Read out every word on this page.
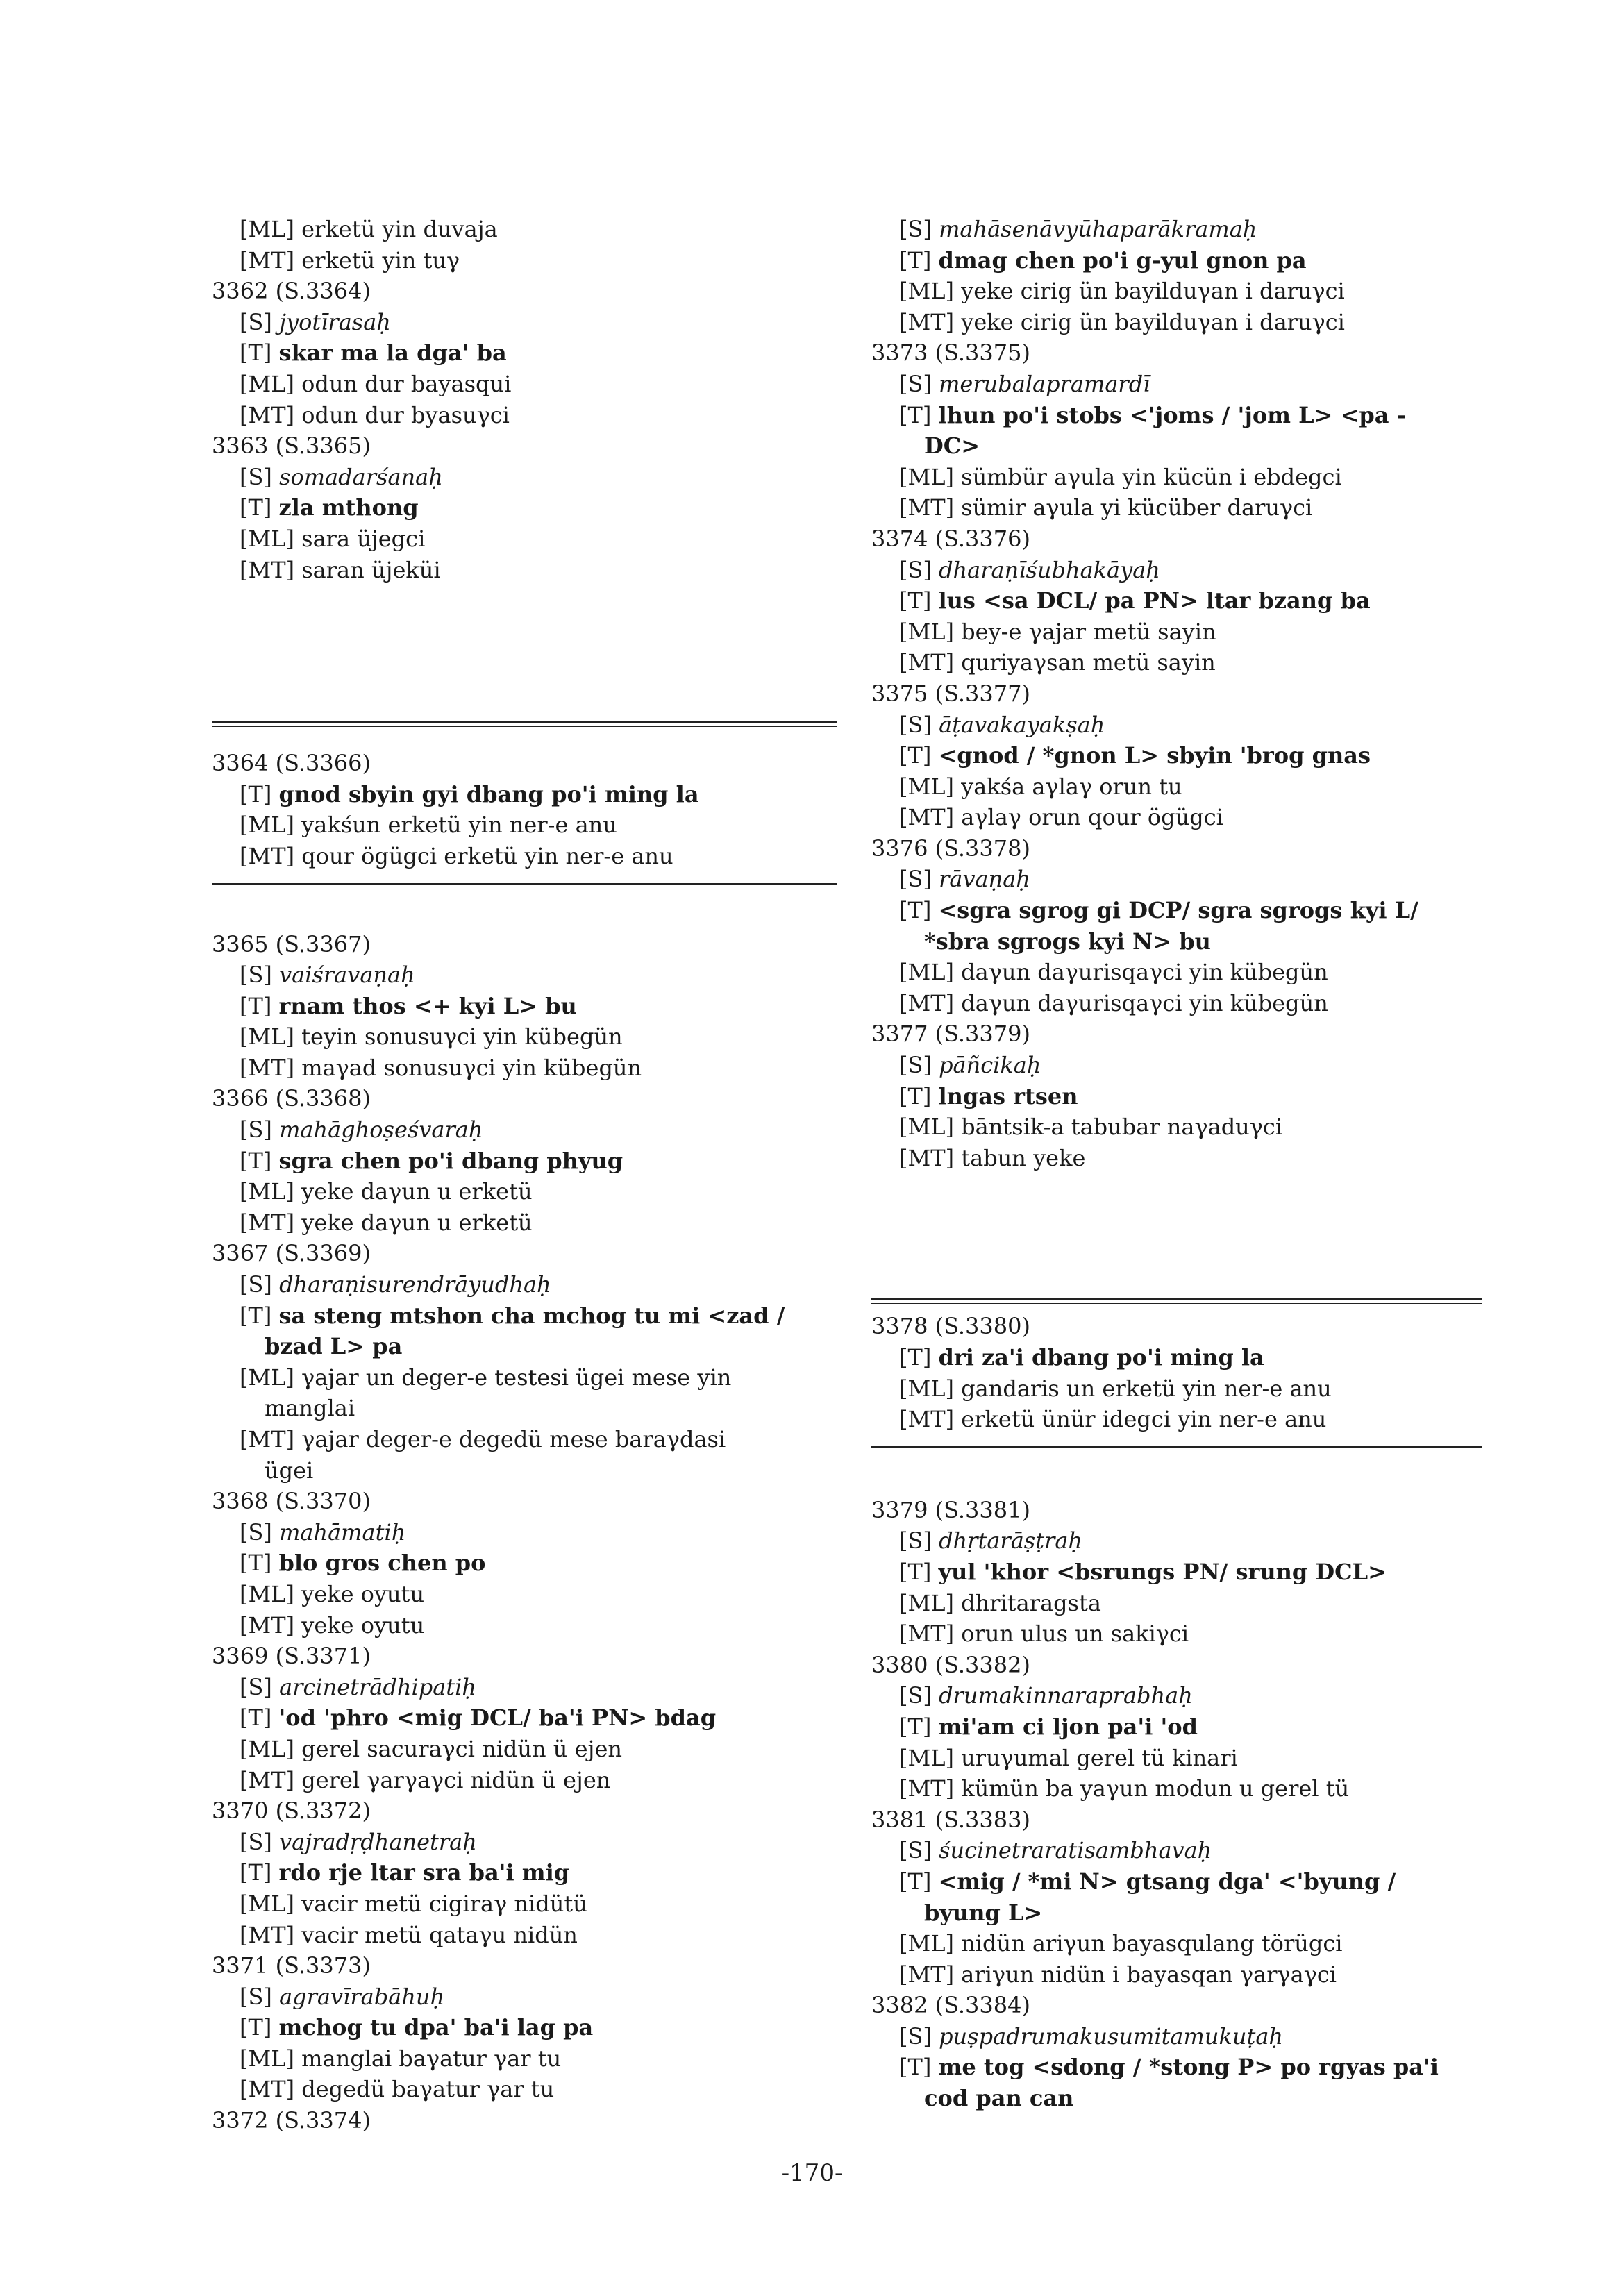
[ML] erketü yin duvaja
[MT] erketü yin tuγ
3362 (S.3364)
[S] jyotīrasaḥ
[T] skar ma la dga' ba
[ML] odun dur bayasqui
[MT] odun dur byasuγci
3363 (S.3365)
[S] somadarśanaḥ
[T] zla mthong
[ML] sara üjegci
[MT] saran üjeküi
3364 (S.3366)
[T] gnod sbyin gyi dbang po'i ming la
[ML] yakśun erketü yin ner-e anu
[MT] qour ögügci erketü yin ner-e anu
3365 (S.3367)
[S] vaiśravaṇaḥ
[T] rnam thos <+ kyi L> bu
[ML] teyin sonusuγci yin kübegün
[MT] maγad sonusuγci yin kübegün
3366 (S.3368)
[S] mahāghoṣeśvaraḥ
[T] sgra chen po'i dbang phyug
[ML] yeke daγun u erketü
[MT] yeke daγun u erketü
3367 (S.3369)
[S] dharaṇisurendrāyudhaḥ
[T] sa steng mtshon cha mchog tu mi <zad /
bzad L> pa
[ML] γajar un deger-e testesi ügei mese yin
manglai
[MT] γajar deger-e degedü mese baraγdasi
ügei
3368 (S.3370)
[S] mahāmatiḥ
[T] blo gros chen po
[ML] yeke oyutu
[MT] yeke oyutu
3369 (S.3371)
[S] arcinetrādhipatiḥ
[T] 'od 'phro <mig DCL/ ba'i PN> bdag
[ML] gerel sacuraγci nidün ü ejen
[MT] gerel γarγaγci nidün ü ejen
3370 (S.3372)
[S] vajradṛḍhanetraḥ
[T] rdo rje ltar sra ba'i mig
[ML] vacir metü cigiraγ nidütü
[MT] vacir metü qataγu nidün
3371 (S.3373)
[S] agravīrabāhuḥ
[T] mchog tu dpa' ba'i lag pa
[ML] manglai baγatur γar tu
[MT] degedü baγatur γar tu
3372 (S.3374)
[S] mahāsenāvyūhaparākramaḥ
[T] dmag chen po'i g-yul gnon pa
[ML] yeke cirig ün bayilduγan i daruγci
[MT] yeke cirig ün bayilduγan i daruγci
3373 (S.3375)
[S] merubalapramardī
[T] lhun po'i stobs <'joms / 'jom L> <pa -
DC>
[ML] sümbür aγula yin kücün i ebdegci
[MT] sümir aγula yi kücüber daruγci
3374 (S.3376)
[S] dharaṇīśubhakāyaḥ
[T] lus <sa DCL/ pa PN> ltar bzang ba
[ML] bey-e γajar metü sayin
[MT] quriyaγsan metü sayin
3375 (S.3377)
[S] āṭavakayakṣaḥ
[T] <gnod / *gnon L> sbyin 'brog gnas
[ML] yakśa aγlaγ orun tu
[MT] aγlaγ orun qour ögügci
3376 (S.3378)
[S] rāvaṇaḥ
[T] <sgra sgrog gi DCP/ sgra sgrogs kyi L/
*sbra sgrogs kyi N> bu
[ML] daγun daγurisqaγci yin kübegün
[MT] daγun daγurisqaγci yin kübegün
3377 (S.3379)
[S] pāñcikaḥ
[T] lngas rtsen
[ML] bāntsik-a tabubar naγaduγci
[MT] tabun yeke
3378 (S.3380)
[T] dri za'i dbang po'i ming la
[ML] gandaris un erketü yin ner-e anu
[MT] erketü ünür idegci yin ner-e anu
3379 (S.3381)
[S] dhṛtarāṣṭraḥ
[T] yul 'khor <bsrungs PN/ srung DCL>
[ML] dhritaragsta
[MT] orun ulus un sakiγci
3380 (S.3382)
[S] drumakinnaraprabhaḥ
[T] mi'am ci ljon pa'i 'od
[ML] uruγumal gerel tü kinari
[MT] kümün ba yaγun modun u gerel tü
3381 (S.3383)
[S] śucinetraratisambhavaḥ
[T] <mig / *mi N> gtsang dga' <'byung /
byung L>
[ML] nidün ariγun bayasqulang törügci
[MT] ariγun nidün i bayasqan γarγaγci
3382 (S.3384)
[S] puṣpadrumakusumitamukuṭaḥ
[T] me tog <sdong / *stong P> po rgyas pa'i
cod pan can
-170-
